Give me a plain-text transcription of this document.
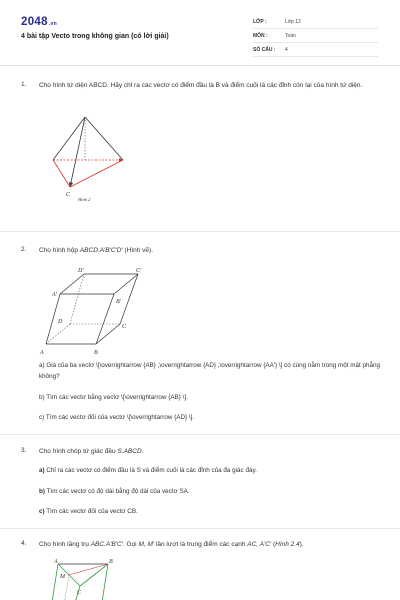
2048.vn
4 bài tập Vecto trong không gian (có lời giải)
LỚP :	Lớp 12
MÔN :	Toán
SỐ CÂU :	4
1. Cho hình tứ diện ABCD. Hãy chỉ ra các vectơ có điểm đầu là B và điểm cuối là các đỉnh còn lại của hình tứ diện.
C
Hình 2
2. Cho hình hộp ABCD.A′B′C′D′ (Hình vẽ).
A	B
C
D
A′
B′
C′
D′
a) Giá của ba vectơ \[\overrightarrow {AB} ,\overrightarrow {AD} ,\overrightarrow {AA'} \] có cùng nằm trong một mặt phẳng không?
b) Tìm các vectơ bằng vectơ \[\overrightarrow {AB} \].
c) Tìm các vectơ đối của vectơ \[\overrightarrow {AD} \].
3. Cho hình chóp tứ giác đều S.ABCD.
a) Chỉ ra các vectơ có điểm đầu là S và điểm cuối là các đỉnh của đa giác đáy.
b) Tìm các vectơ có độ dài bằng độ dài của vectơ SA.
c) Tìm các vectơ đối của vectơ CB.
4. Cho hình lăng trụ ABC.A′B′C′. Gọi M, M′ lần lượt là trung điểm các cạnh AC, A′C′ (Hình 2.4).
A	B
M
C
